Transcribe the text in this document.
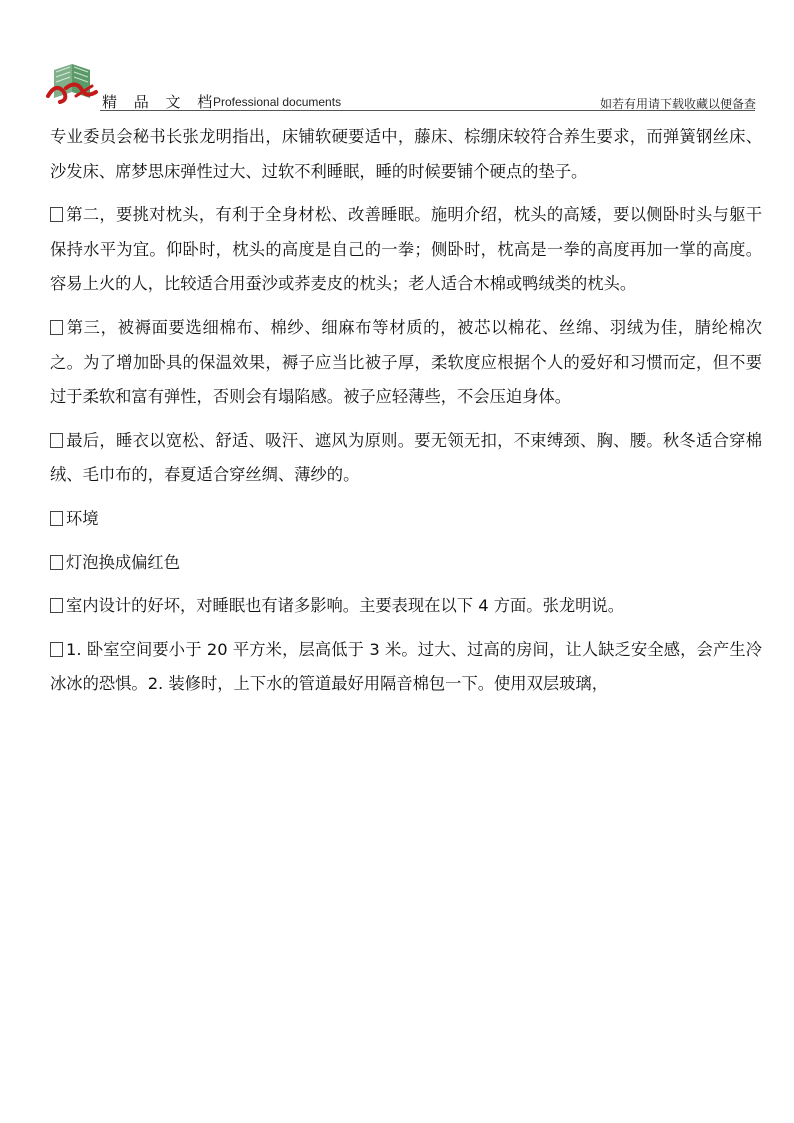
精 品 文 档
Professional documents	如若有用请下载收藏以便备查

专业委员会秘书长张龙明指出，床铺软硬要适中，藤床、棕绷床较符合养生要求，而弹簧钢丝床、沙发床、席梦思床弹性过大、过软不利睡眠，睡的时候要铺个硬点的垫子。

第二，要挑对枕头，有利于全身材松、改善睡眠。施明介绍，枕头的高矮，要以侧卧时头与躯干保持水平为宜。仰卧时，枕头的高度是自己的一拳；侧卧时，枕高是一拳的高度再加一掌的高度。容易上火的人，比较适合用蚕沙或荞麦皮的枕头；老人适合木棉或鸭绒类的枕头。

第三，被褥面要选细棉布、棉纱、细麻布等材质的，被芯以棉花、丝绵、羽绒为佳，腈纶棉次之。为了增加卧具的保温效果，褥子应当比被子厚，柔软度应根据个人的爱好和习惯而定，但不要过于柔软和富有弹性，否则会有塌陷感。被子应轻薄些，不会压迫身体。

最后，睡衣以宽松、舒适、吸汗、遮风为原则。要无领无扣，不束缚颈、胸、腰。秋冬适合穿棉绒、毛巾布的，春夏适合穿丝绸、薄纱的。

环境

灯泡换成偏红色

室内设计的好坏，对睡眠也有诸多影响。主要表现在以下 4 方面。张龙明说。

1. 卧室空间要小于 20 平方米，层高低于 3 米。过大、过高的房间，让人缺乏安全感，会产生冷冰冰的恐惧。2. 装修时，上下水的管道最好用隔音棉包一下。使用双层玻璃，
